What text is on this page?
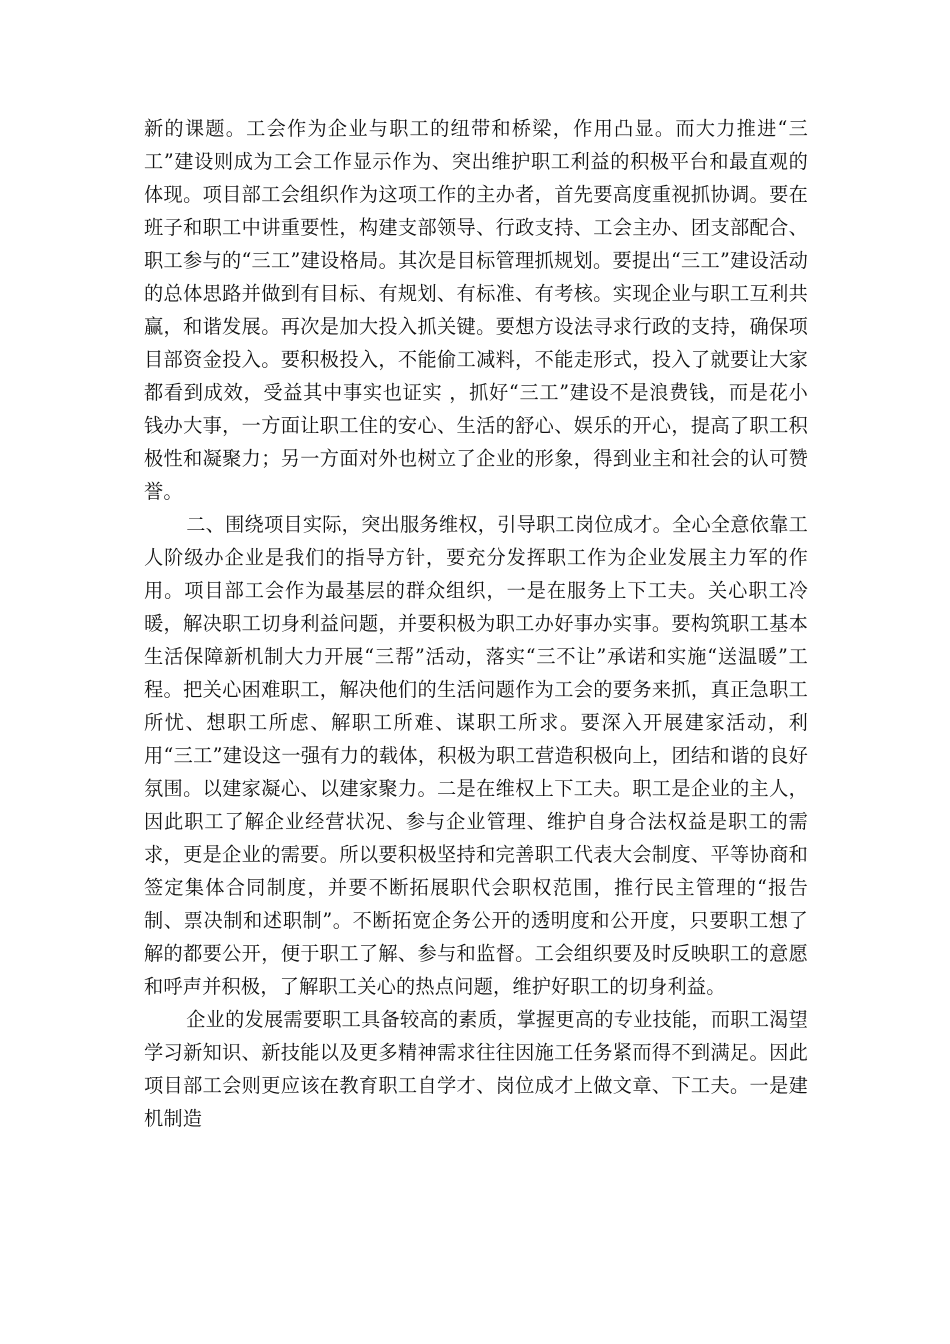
新的课题。工会作为企业与职工的纽带和桥梁，作用凸显。而大力推进“三工”建设则成为工会工作显示作为、突出维护职工利益的积极平台和最直观的体现。项目部工会组织作为这项工作的主办者，首先要高度重视抓协调。要在班子和职工中讲重要性，构建支部领导、行政支持、工会主办、团支部配合、职工参与的“三工”建设格局。其次是目标管理抓规划。要提出“三工”建设活动的总体思路并做到有目标、有规划、有标准、有考核。实现企业与职工互利共赢，和谐发展。再次是加大投入抓关键。要想方设法寻求行政的支持，确保项目部资金投入。要积极投入，不能偷工减料，不能走形式，投入了就要让大家都看到成效，受益其中事实也证实 ，抓好“三工”建设不是浪费钱，而是花小钱办大事，一方面让职工住的安心、生活的舒心、娱乐的开心，提高了职工积极性和凝聚力；另一方面对外也树立了企业的形象，得到业主和社会的认可赞誉。

二、围绕项目实际，突出服务维权，引导职工岗位成才。全心全意依靠工人阶级办企业是我们的指导方针，要充分发挥职工作为企业发展主力军的作用。项目部工会作为最基层的群众组织，一是在服务上下工夫。关心职工冷暖，解决职工切身利益问题，并要积极为职工办好事办实事。要构筑职工基本生活保障新机制大力开展“三帮”活动，落实“三不让”承诺和实施“送温暖”工程。把关心困难职工，解决他们的生活问题作为工会的要务来抓，真正急职工所忧、想职工所虑、解职工所难、谋职工所求。要深入开展建家活动，利用“三工”建设这一强有力的载体，积极为职工营造积极向上，团结和谐的良好氛围。以建家凝心、以建家聚力。二是在维权上下工夫。职工是企业的主人，因此职工了解企业经营状况、参与企业管理、维护自身合法权益是职工的需求，更是企业的需要。所以要积极坚持和完善职工代表大会制度、平等协商和签定集体合同制度，并要不断拓展职代会职权范围，推行民主管理的“报告制、票决制和述职制”。不断拓宽企务公开的透明度和公开度，只要职工想了解的都要公开，便于职工了解、参与和监督。工会组织要及时反映职工的意愿和呼声并积极，了解职工关心的热点问题，维护好职工的切身利益。

企业的发展需要职工具备较高的素质，掌握更高的专业技能，而职工渴望学习新知识、新技能以及更多精神需求往往因施工任务紧而得不到满足。因此项目部工会则更应该在教育职工自学才、岗位成才上做文章、下工夫。一是建机制造
